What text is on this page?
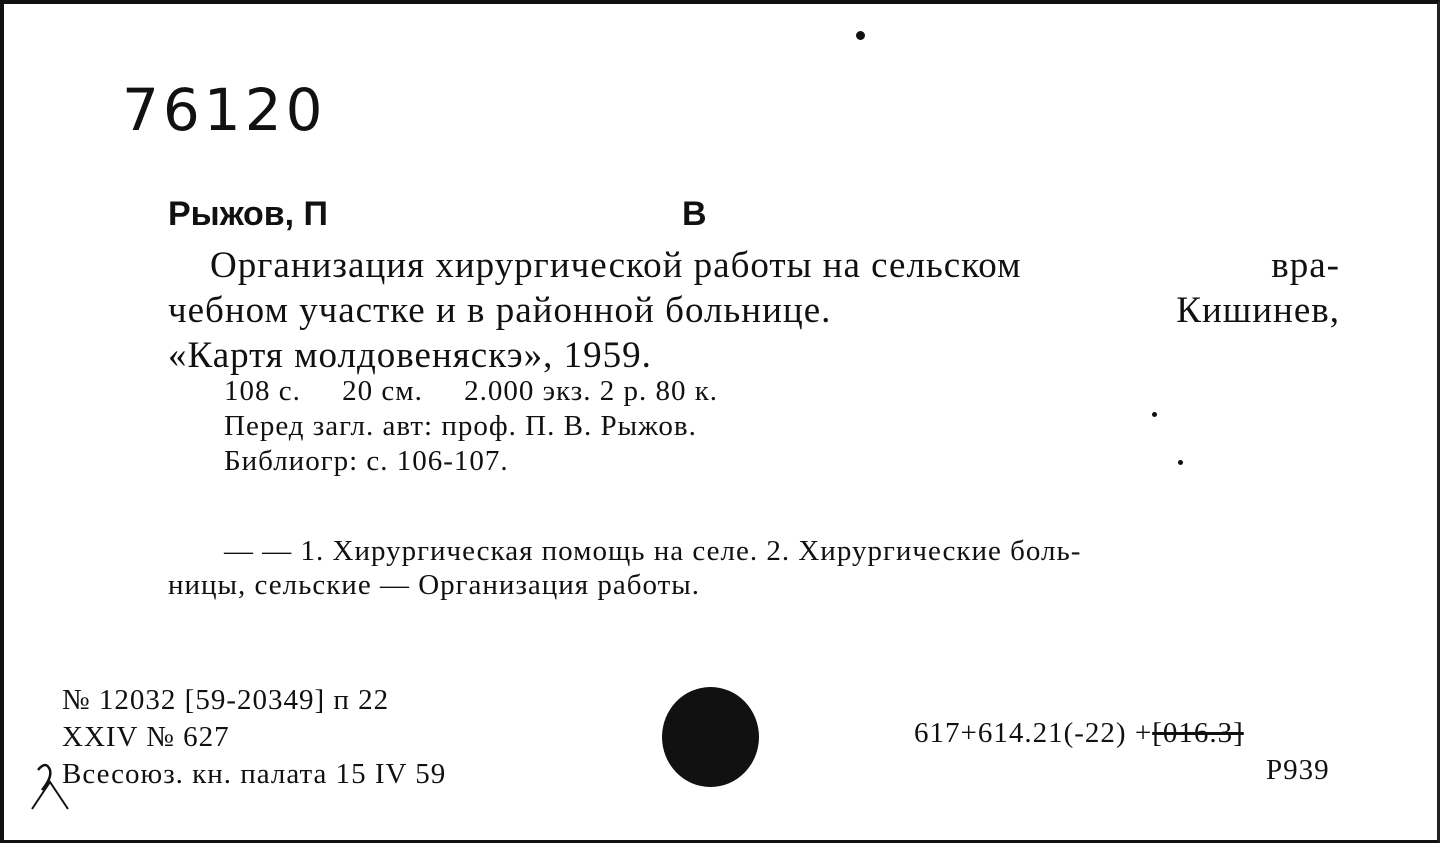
76120
Рыжов, П	В
Организация хирургической работы на сельском	вра-
чебном участке и в районной больнице.	Кишинев,
«Картя молдовеняскэ», 1959.
108 с.     20 см.     2.000 экз. 2 р. 80 к.
Перед загл. авт: проф. П. В. Рыжов.
Библиогр: с. 106-107.
— — 1. Хирургическая помощь на селе. 2. Хирургические боль-
ницы, сельские — Организация работы.
№ 12032 [59-20349] п 22
XXIV № 627
Всесоюз. кн. палата 15 IV 59
617+614.21(-22) +[016.3]
Р939
